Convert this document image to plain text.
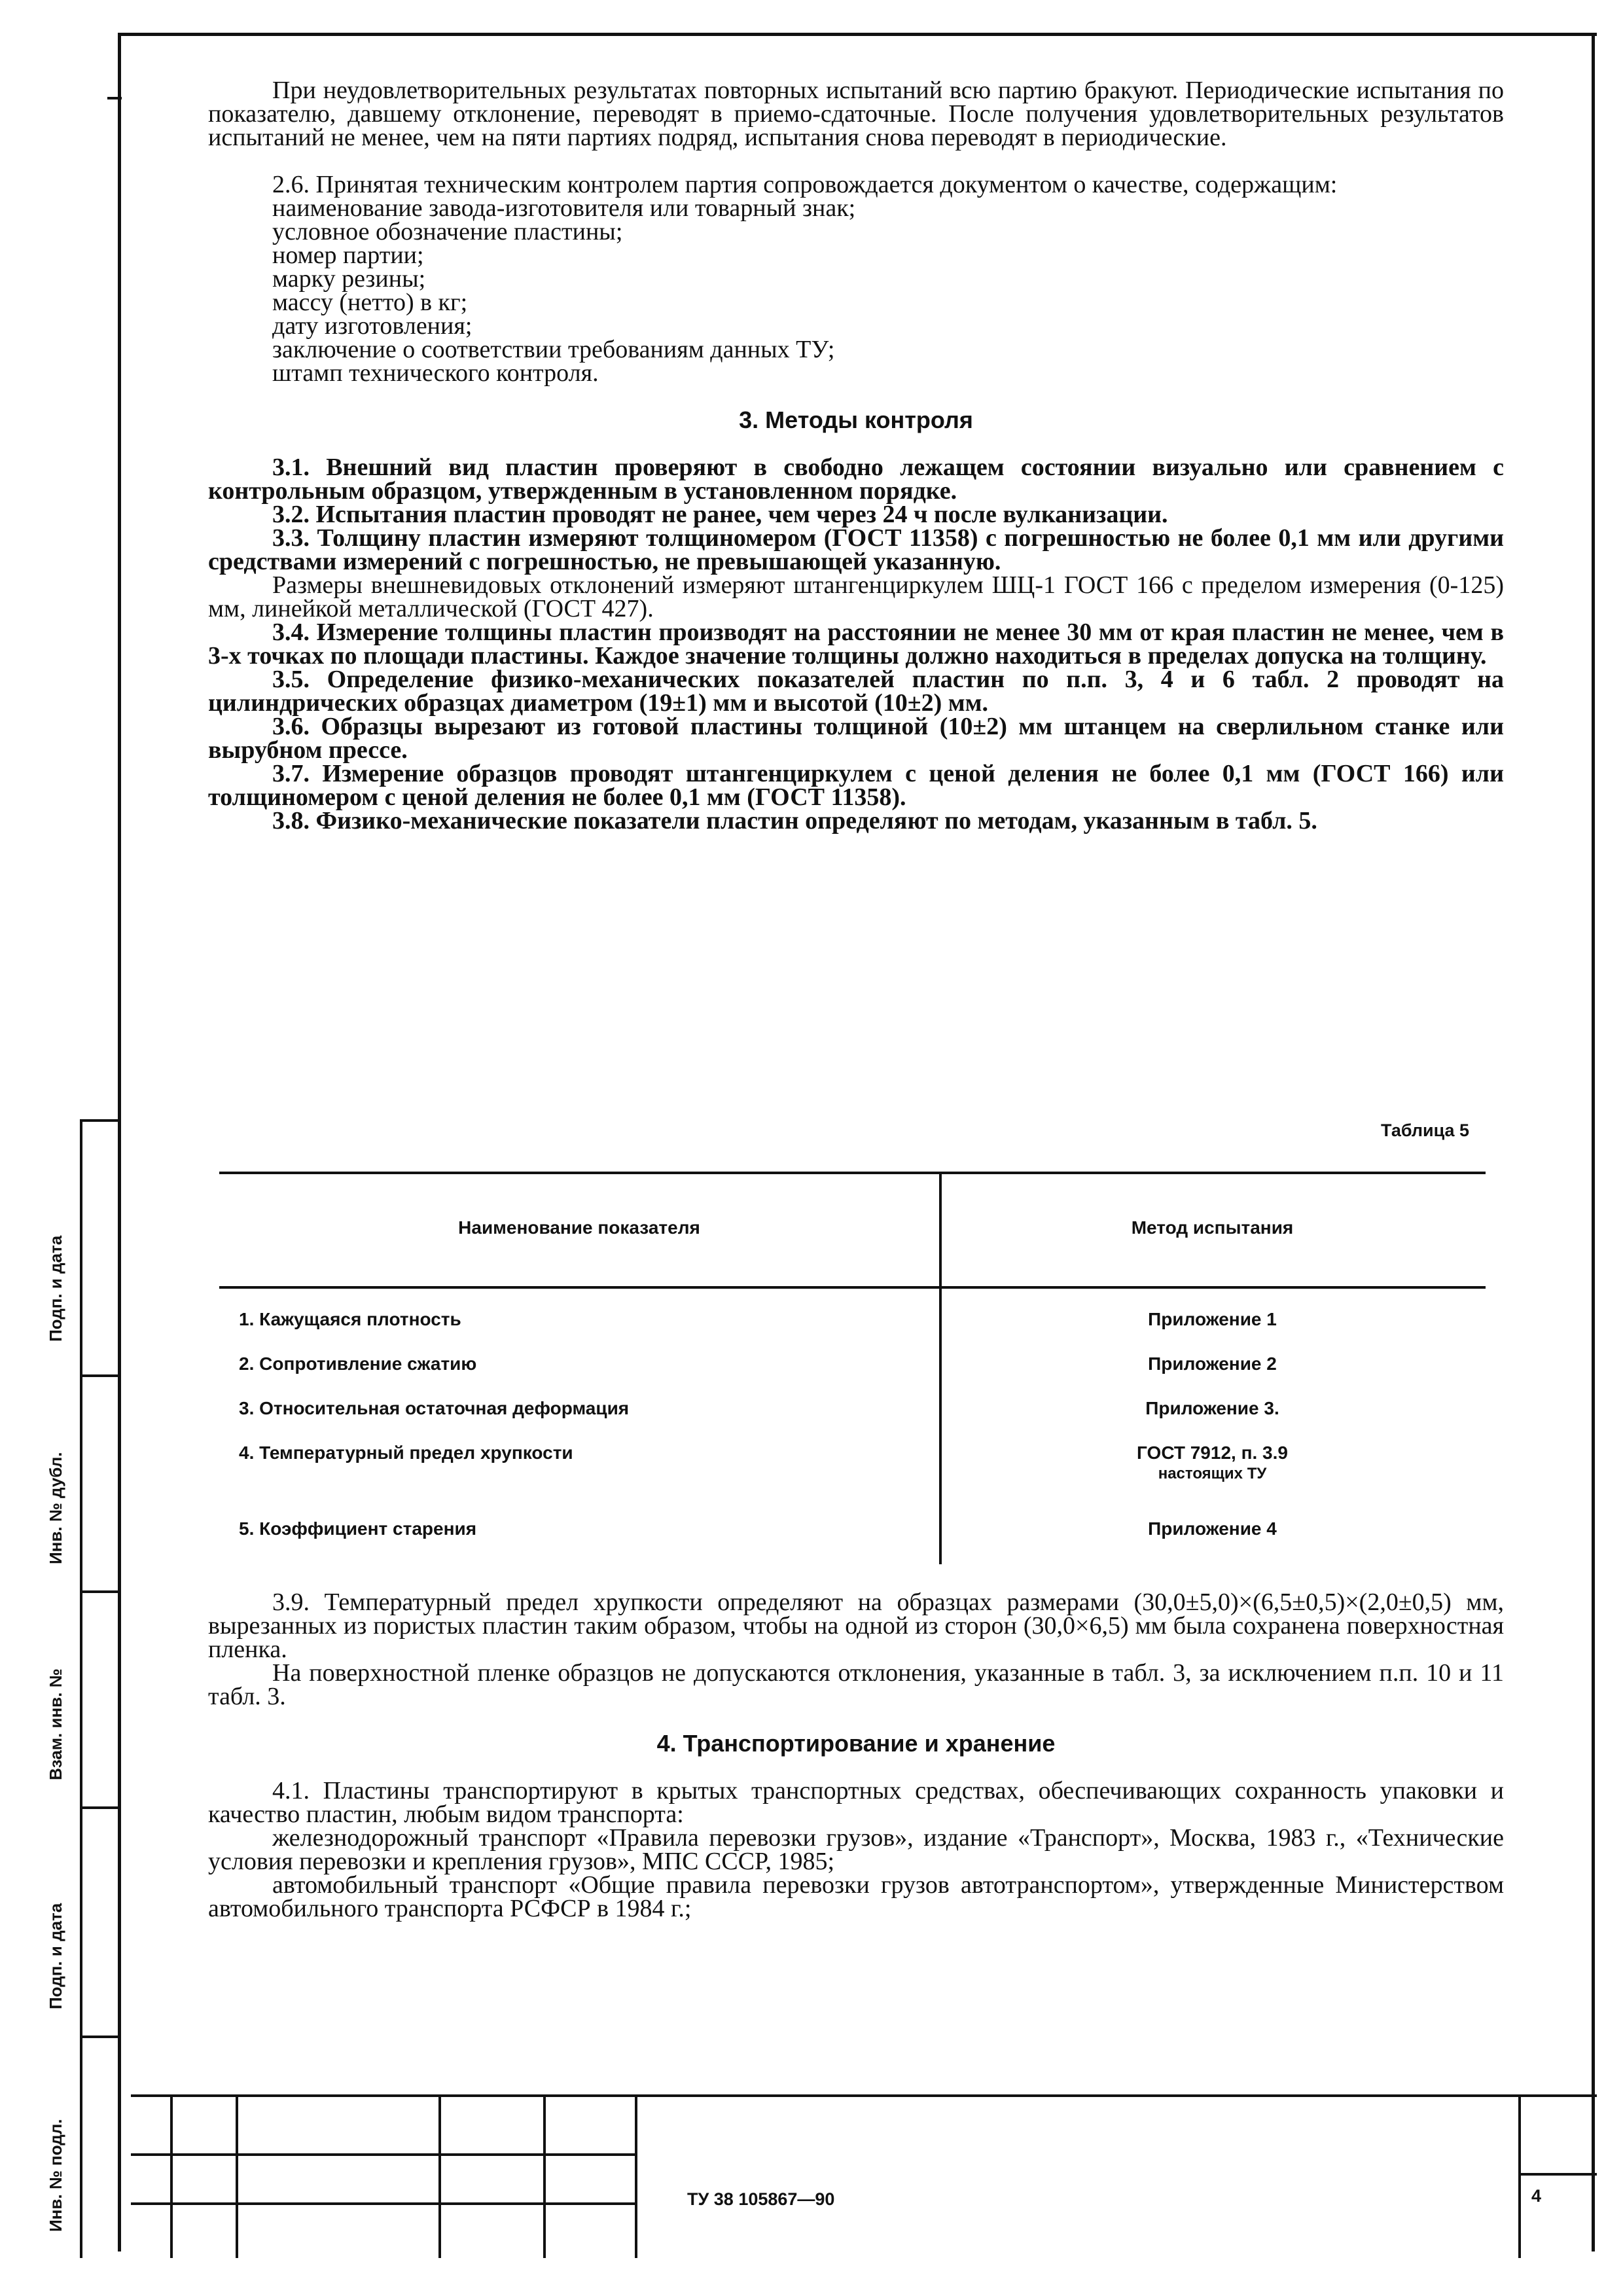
При неудовлетворительных результатах повторных испытаний всю партию бракуют. Периодические испытания по показателю, давшему отклонение, переводят в приемо-сдаточные. После получения удовлетворительных результатов испытаний не менее, чем на пяти партиях подряд, испытания снова переводят в периодические.

2.6. Принятая техническим контролем партия сопровождается документом о качестве, содержащим:

наименование завода-изготовителя или товарный знак;

условное обозначение пластины;

номер партии;

марку резины;

массу (нетто) в кг;

дату изготовления;

заключение о соответствии требованиям данных ТУ;

штамп технического контроля.

3. Методы контроля

3.1. Внешний вид пластин проверяют в свободно лежащем состоянии визуально или сравнением с контрольным образцом, утвержденным в установленном порядке.

3.2. Испытания пластин проводят не ранее, чем через 24 ч после вулканизации.

3.3. Толщину пластин измеряют толщиномером (ГОСТ 11358) с погрешностью не более 0,1 мм или другими средствами измерений с погрешностью, не превышающей указанную.

Размеры внешневидовых отклонений измеряют штангенциркулем ШЦ-1 ГОСТ 166 с пределом измерения (0-125) мм, линейкой металлической (ГОСТ 427).

3.4. Измерение толщины пластин производят на расстоянии не менее 30 мм от края пластин не менее, чем в 3-х точках по площади пластины. Каждое значение толщины должно находиться в пределах допуска на толщину.

3.5. Определение физико-механических показателей пластин по п.п. 3, 4 и 6 табл. 2 проводят на цилиндрических образцах диаметром (19±1) мм и высотой (10±2) мм.

3.6. Образцы вырезают из готовой пластины толщиной (10±2) мм штанцем на сверлильном станке или вырубном прессе.

3.7. Измерение образцов проводят штангенциркулем с ценой деления не более 0,1 мм (ГОСТ 166) или толщиномером с ценой деления не более 0,1 мм (ГОСТ 11358).

3.8. Физико-механические показатели пластин определяют по методам, указанным в табл. 5.

Таблица 5
Наименование показателя	Метод испытания
1. Кажущаяся плотность	Приложение 1
2. Сопротивление сжатию	Приложение 2
3. Относительная остаточная деформация	Приложение 3.
4. Температурный предел хрупкости	ГОСТ 7912, п. 3.9
настоящих ТУ
5. Коэффициент старения	Приложение 4

3.9. Температурный предел хрупкости определяют на образцах размерами (30,0±5,0)×(6,5±0,5)×(2,0±0,5) мм, вырезанных из пористых пластин таким образом, чтобы на одной из сторон (30,0×6,5) мм была сохранена поверхностная пленка.

На поверхностной пленке образцов не допускаются отклонения, указанные в табл. 3, за исключением п.п. 10 и 11 табл. 3.

4. Транспортирование и хранение

4.1. Пластины транспортируют в крытых транспортных средствах, обеспечивающих сохранность упаковки и качество пластин, любым видом транспорта:

железнодорожный транспорт «Правила перевозки грузов», издание «Транспорт», Москва, 1983 г., «Технические условия перевозки и крепления грузов», МПС СССР, 1985;

автомобильный транспорт «Общие правила перевозки грузов автотранспортом», утвержденные Министерством автомобильного транспорта РСФСР в 1984 г.;

Подп. и дата
Инв. № дубл.
Взам. инв. №
Подп. и дата
Инв. № подл.	ТУ 38 105867—90	4
